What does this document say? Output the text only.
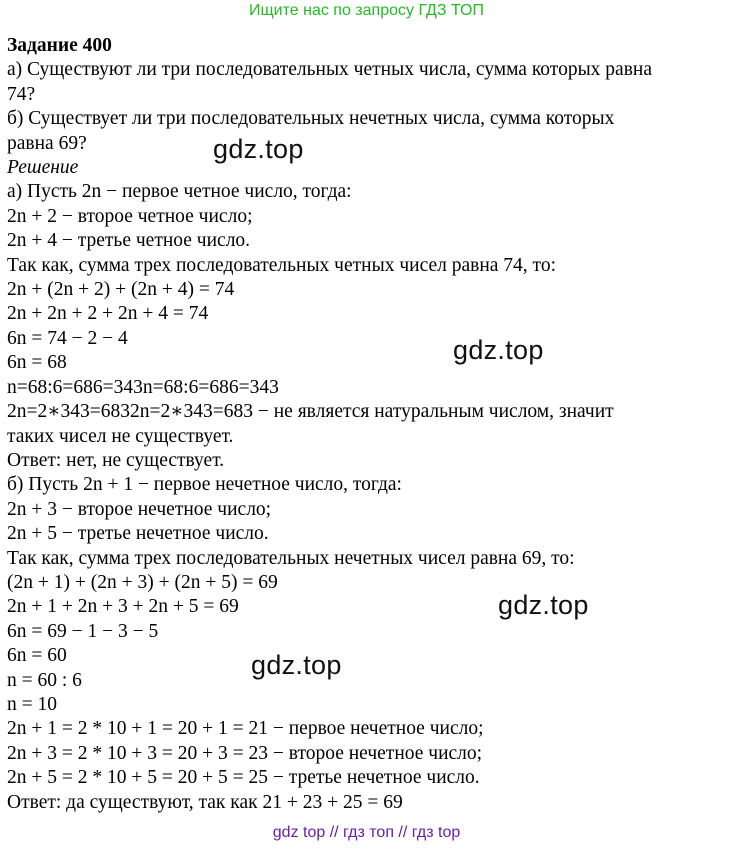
Ищите нас по запросу ГДЗ ТОП
Задание 400
а) Существуют ли три последовательных четных числа, сумма которых равна
74?
б) Существует ли три последовательных нечетных числа, сумма которых
равна 69?
Решение
а) Пусть 2n − первое четное число, тогда:
2n + 2 − второе четное число;
2n + 4 − третье четное число.
Так как, сумма трех последовательных четных чисел равна 74, то:
2n + (2n + 2) + (2n + 4) = 74
2n + 2n + 2 + 2n + 4 = 74
6n = 74 − 2 − 4
6n = 68
n=68:6=686=343n=68:6=686=343
2n=2∗343=6832n=2∗343=683 − не является натуральным числом, значит
таких чисел не существует.
Ответ: нет, не существует.
б) Пусть 2n + 1 − первое нечетное число, тогда:
2n + 3 − второе нечетное число;
2n + 5 − третье нечетное число.
Так как, сумма трех последовательных нечетных чисел равна 69, то:
(2n + 1) + (2n + 3) + (2n + 5) = 69
2n + 1 + 2n + 3 + 2n + 5 = 69
6n = 69 − 1 − 3 − 5
6n = 60
n = 60 : 6
n = 10
2n + 1 = 2 * 10 + 1 = 20 + 1 = 21 − первое нечетное число;
2n + 3 = 2 * 10 + 3 = 20 + 3 = 23 − второе нечетное число;
2n + 5 = 2 * 10 + 5 = 20 + 5 = 25 − третье нечетное число.
Ответ: да существуют, так как 21 + 23 + 25 = 69
gdz.top
gdz.top
gdz.top
gdz.top
gdz top // гдз топ // гдз top
